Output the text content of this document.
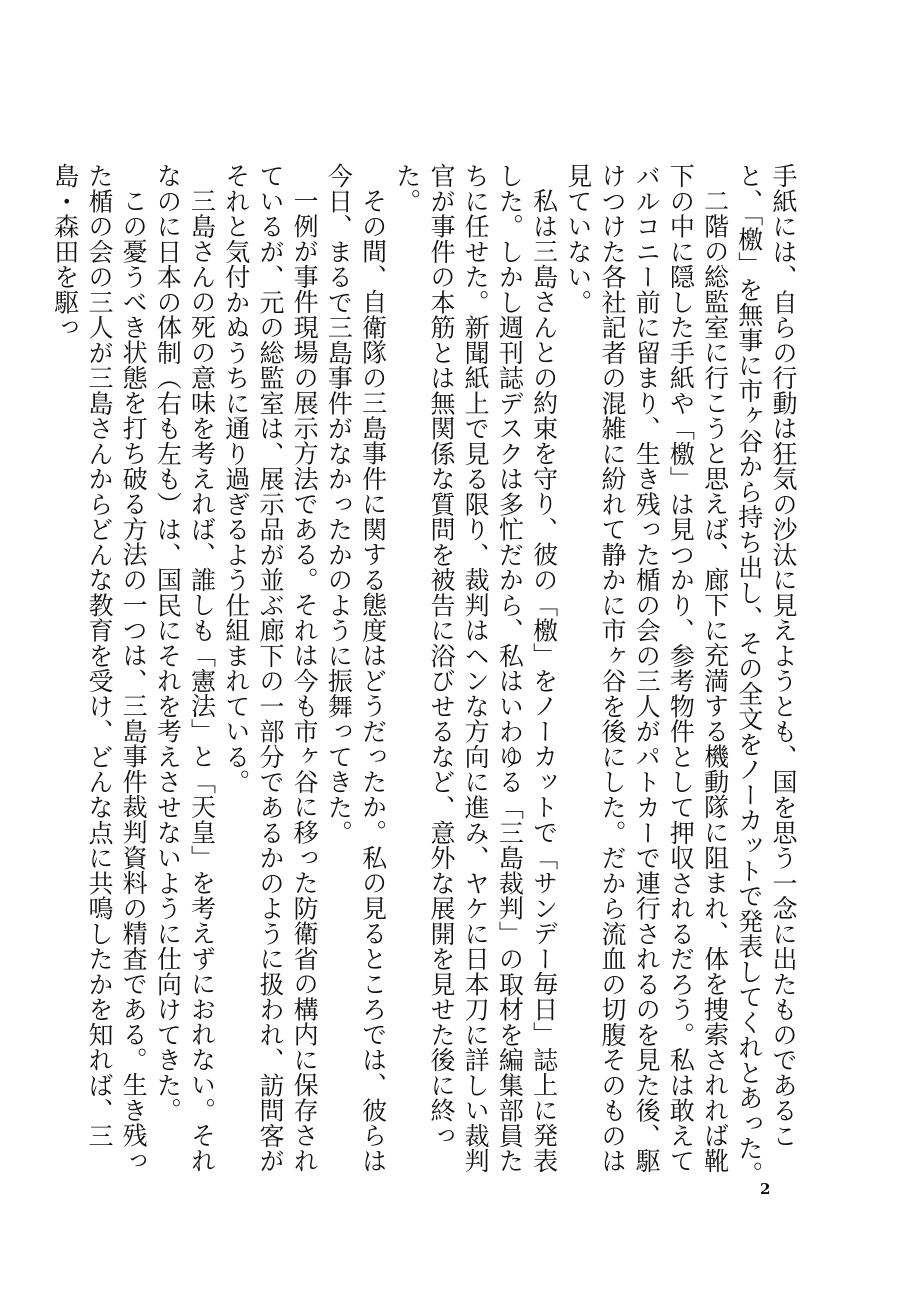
手紙には、自らの行動は狂気の沙汰に見えようとも、国を思う一念に出たものであること、「檄」を無事に市ヶ谷から持ち出し、その全文をノーカットで発表してくれとあった。

二階の総監室に行こうと思えば、廊下に充満する機動隊に阻まれ、体を捜索されれば靴下の中に隠した手紙や「檄」は見つかり、参考物件として押収されるだろう。私は敢えてバルコニー前に留まり、生き残った楯の会の三人がパトカーで連行されるのを見た後、駆けつけた各社記者の混雑に紛れて静かに市ヶ谷を後にした。だから流血の切腹そのものは見ていない。

私は三島さんとの約束を守り、彼の「檄」をノーカットで「サンデー毎日」誌上に発表した。しかし週刊誌デスクは多忙だから、私はいわゆる「三島裁判」の取材を編集部員たちに任せた。新聞紙上で見る限り、裁判はヘンな方向に進み、ヤケに日本刀に詳しい裁判官が事件の本筋とは無関係な質問を被告に浴びせるなど、意外な展開を見せた後に終った。

その間、自衛隊の三島事件に関する態度はどうだったか。私の見るところでは、彼らは今日、まるで三島事件がなかったかのように振舞ってきた。

一例が事件現場の展示方法である。それは今も市ヶ谷に移った防衛省の構内に保存されているが、元の総監室は、展示品が並ぶ廊下の一部分であるかのように扱われ、訪問客がそれと気付かぬうちに通り過ぎるよう仕組まれている。

三島さんの死の意味を考えれば、誰しも「憲法」と「天皇」を考えずにおれない。それなのに日本の体制（右も左も）は、国民にそれを考えさせないように仕向けてきた。

この憂うべき状態を打ち破る方法の一つは、三島事件裁判資料の精査である。生き残った楯の会の三人が三島さんからどんな教育を受け、どんな点に共鳴したかを知れば、三島・森田を駆っ

2
